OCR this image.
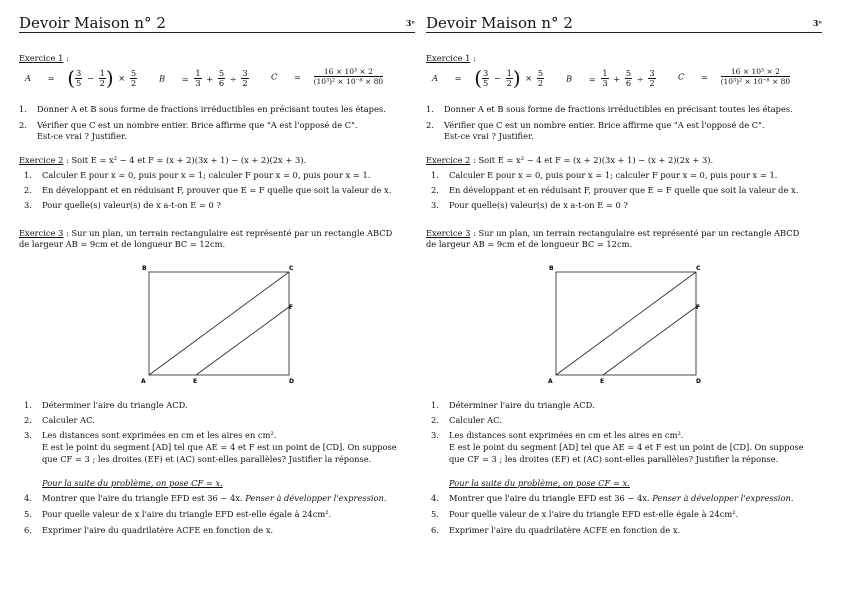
Devoir Maison n° 2	3ᵉ
Exercice 1 :
A = ( $\frac{3}{5} - \frac{1}{2}$ ) × $\frac{5}{2}$	$B = \frac{1}{3} + \frac{5}{6} \div \frac{3}{2}$	$C = \frac{\text{16 × 10³ × 2}}{\text{(10³)² × 10⁻⁸ × 80}}$
1. Donner A et B sous forme de fractions irréductibles en précisant toutes les étapes.
2. Vérifier que C est un nombre entier. Brice affirme que "A est l'opposé de C".
Est-ce vrai ? Justifier.
Exercice 2 : Soit E = x² − 4 et F = (x + 2)(3x + 1) − (x + 2)(2x + 3).
1. Calculer E pour x = 0, puis pour x = 1; calculer F pour x = 0, puis pour x = 1.
2. En développant et en réduisant F, prouver que E = F quelle que soit la valeur de x.
3. Pour quelle(s) valeur(s) de x a-t-on E = 0 ?
Exercice 3 : Sur un plan, un terrain rectangulaire est représenté par un rectangle ABCD
de largeur AB = 9cm et de longueur BC = 12cm.
A
B	C
D
E
F
1. Déterminer l'aire du triangle ACD.
2. Calculer AC.
3. Les distances sont exprimées en cm et les aires en cm².
E est le point du segment [AD] tel que AE = 4 et F est un point de [CD]. On suppose
que CF = 3 ; les droites (EF) et (AC) sont-elles parallèles? Justifier la réponse.
Pour la suite du problème, on pose CF = x.
4. Montrer que l'aire du triangle EFD est 36 − 4x. Penser à développer l'expression.
5. Pour quelle valeur de x l'aire du triangle EFD est-elle égale à 24cm².
6. Exprimer l'aire du quadrilatère ACFE en fonction de x.
Devoir Maison n° 2	3ᵉ
Exercice 1 :
A = ( $\frac{3}{5} - \frac{1}{2}$ ) × $\frac{5}{2}$	$B = \frac{1}{3} + \frac{5}{6} \div \frac{3}{2}$	$C = \frac{\text{16 × 10³ × 2}}{\text{(10³)² × 10⁻⁸ × 80}}$
1. Donner A et B sous forme de fractions irréductibles en précisant toutes les étapes.
2. Vérifier que C est un nombre entier. Brice affirme que "A est l'opposé de C".
Est-ce vrai ? Justifier.
Exercice 2 : Soit E = x² − 4 et F = (x + 2)(3x + 1) − (x + 2)(2x + 3).
1. Calculer E pour x = 0, puis pour x = 1; calculer F pour x = 0, puis pour x = 1.
2. En développant et en réduisant F, prouver que E = F quelle que soit la valeur de x.
3. Pour quelle(s) valeur(s) de x a-t-on E = 0 ?
Exercice 3 : Sur un plan, un terrain rectangulaire est représenté par un rectangle ABCD
de largeur AB = 9cm et de longueur BC = 12cm.
A
B	C
D
E
F
1. Déterminer l'aire du triangle ACD.
2. Calculer AC.
3. Les distances sont exprimées en cm et les aires en cm².
E est le point du segment [AD] tel que AE = 4 et F est un point de [CD]. On suppose
que CF = 3 ; les droites (EF) et (AC) sont-elles parallèles? Justifier la réponse.
Pour la suite du problème, on pose CF = x.
4. Montrer que l'aire du triangle EFD est 36 − 4x. Penser à développer l'expression.
5. Pour quelle valeur de x l'aire du triangle EFD est-elle égale à 24cm².
6. Exprimer l'aire du quadrilatère ACFE en fonction de x.
